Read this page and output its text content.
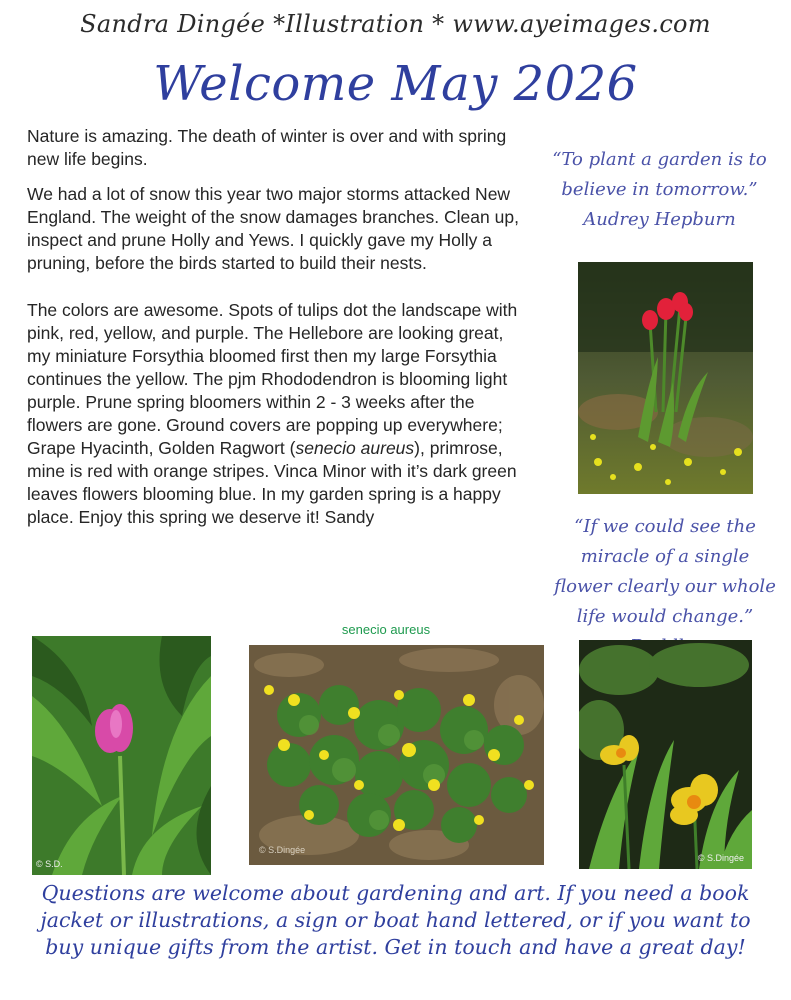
Sandra Dingée *Illustration * www.ayeimages.com
Welcome May 2026

Nature is amazing. The death of winter is over and with spring new life begins.

We had a lot of snow this year two major storms attacked New England. The weight of the snow damages branches. Clean up, inspect and prune Holly and Yews. I quickly gave my Holly a pruning, before the birds started to build their nests.

The colors are awesome. Spots of tulips dot the landscape with pink, red, yellow, and purple. The Hellebore are looking great, my miniature Forsythia bloomed first then my large Forsythia continues the yellow. The pjm Rhododendron is blooming light purple. Prune spring bloomers within 2 - 3 weeks after the flowers are gone. Ground covers are popping up everywhere; Grape Hyacinth, Golden Ragwort (senecio aureus), primrose, mine is red with orange stripes. Vinca Minor with it’s dark green leaves flowers blooming blue. In my garden spring is a happy place. Enjoy this spring we deserve it! Sandy

“To plant a garden is to believe in tomorrow.”
Audrey Hepburn
“If we could see the miracle of a single flower clearly our whole life would change.”
senecio aureus
© S.D.
© S.Dingée
© S.Dingée
Questions are welcome about gardening and art. If you need a book jacket or illustrations, a sign or boat hand lettered, or if you want to buy unique gifts from the artist. Get in touch and have a great day!
